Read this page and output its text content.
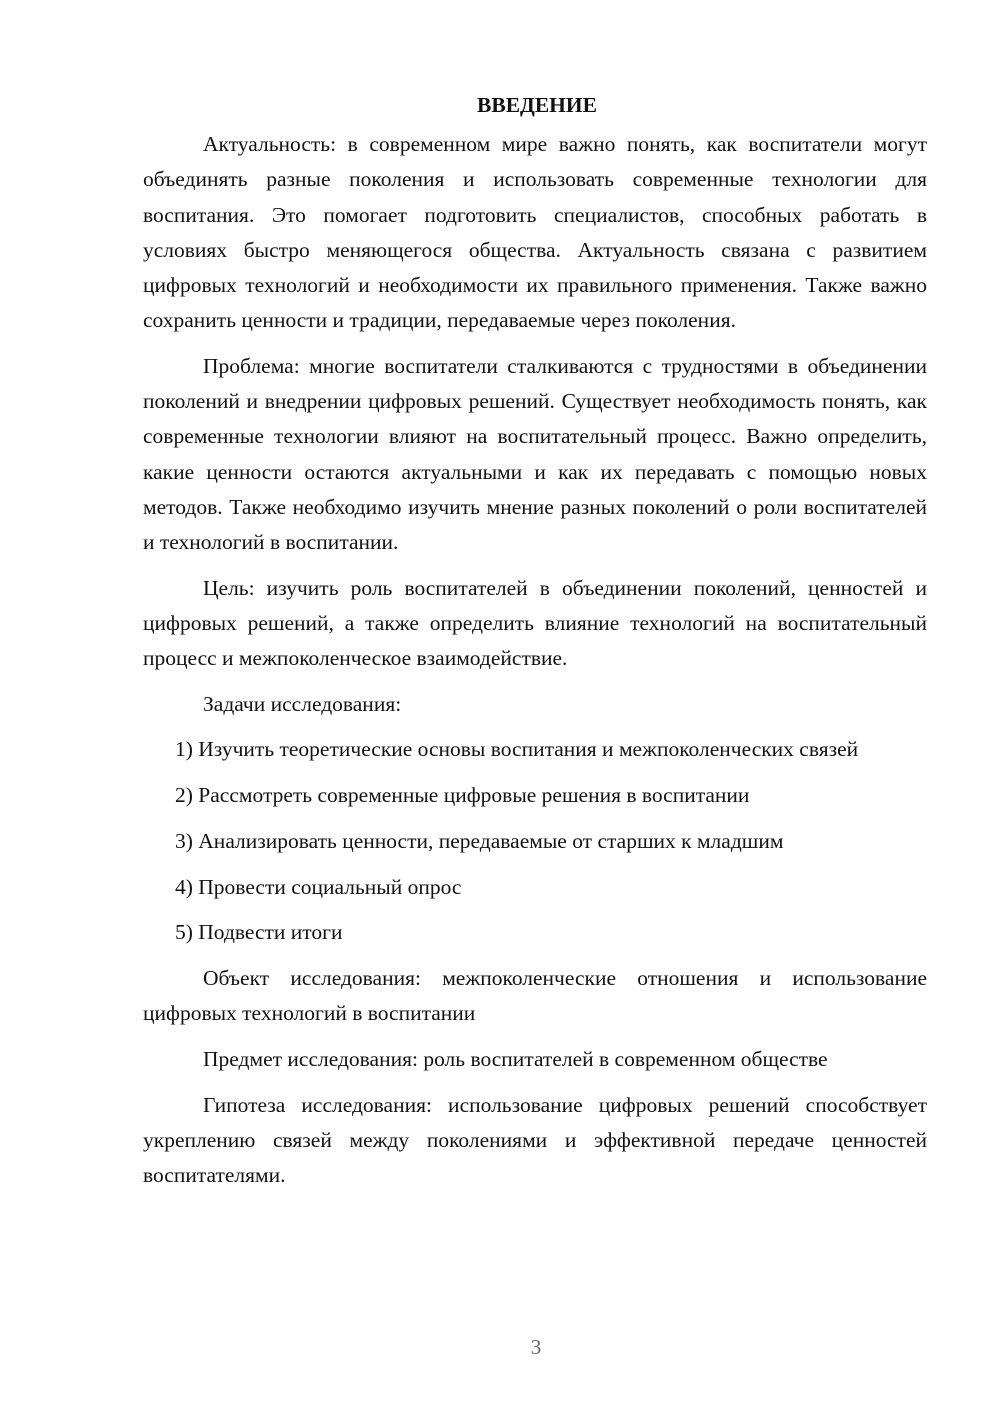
ВВЕДЕНИЕ

Актуальность: в современном мире важно понять, как воспитатели могут объединять разные поколения и использовать современные технологии для воспитания. Это помогает подготовить специалистов, способных работать в условиях быстро меняющегося общества. Актуальность связана с развитием цифровых технологий и необходимости их правильного применения. Также важно сохранить ценности и традиции, передаваемые через поколения.

Проблема: многие воспитатели сталкиваются с трудностями в объединении поколений и внедрении цифровых решений. Существует необходимость понять, как современные технологии влияют на воспитательный процесс. Важно определить, какие ценности остаются актуальными и как их передавать с помощью новых методов. Также необходимо изучить мнение разных поколений о роли воспитателей и технологий в воспитании.

Цель: изучить роль воспитателей в объединении поколений, ценностей и цифровых решений, а также определить влияние технологий на воспитательный процесс и межпоколенческое взаимодействие.

Задачи исследования:

1) Изучить теоретические основы воспитания и межпоколенческих связей
2) Рассмотреть современные цифровые решения в воспитании
3) Анализировать ценности, передаваемые от старших к младшим
4) Провести социальный опрос
5) Подвести итоги

Объект исследования: межпоколенческие отношения и использование цифровых технологий в воспитании

Предмет исследования: роль воспитателей в современном обществе

Гипотеза исследования: использование цифровых решений способствует укреплению связей между поколениями и эффективной передаче ценностей воспитателями.

3
